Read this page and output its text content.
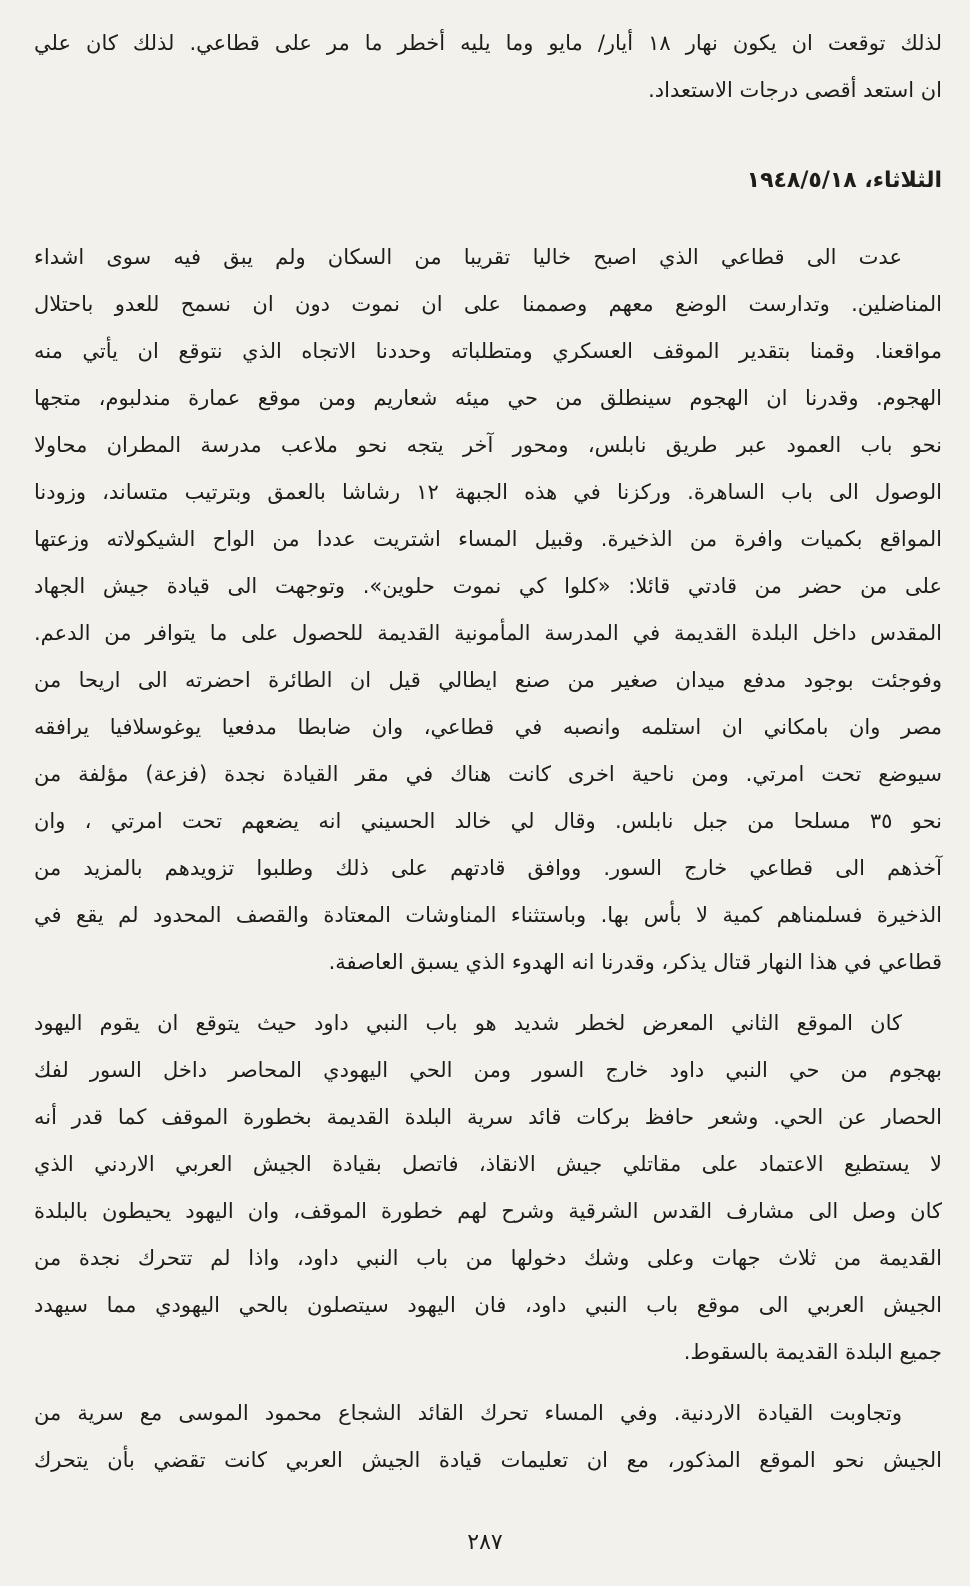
لذلك توقعت ان يكون نهار ١٨ أيار/ مايو وما يليه أخطر ما مر على قطاعي. لذلك كان علي
ان استعد أقصى درجات الاستعداد.
الثلاثاء، ١٩٤٨/٥/١٨
عدت الى قطاعي الذي اصبح خاليا تقريبا من السكان ولم يبق فيه سوى اشداء
المناضلين. وتدارست الوضع معهم وصممنا على ان نموت دون ان نسمح للعدو باحتلال
مواقعنا. وقمنا بتقدير الموقف العسكري ومتطلباته وحددنا الاتجاه الذي نتوقع ان يأتي منه
الهجوم. وقدرنا ان الهجوم سينطلق من حي ميئه شعاريم ومن موقع عمارة مندلبوم، متجها
نحو باب العمود عبر طريق نابلس، ومحور آخر يتجه نحو ملاعب مدرسة المطران محاولا
الوصول الى باب الساهرة. وركزنا في هذه الجبهة ١٢ رشاشا بالعمق وبترتيب متساند، وزودنا
المواقع بكميات وافرة من الذخيرة. وقبيل المساء اشتريت عددا من الواح الشيكولاته وزعتها
على من حضر من قادتي قائلا: «كلوا كي نموت حلوين». وتوجهت الى قيادة جيش الجهاد
المقدس داخل البلدة القديمة في المدرسة المأمونية القديمة للحصول على ما يتوافر من الدعم.
وفوجئت بوجود مدفع ميدان صغير من صنع ايطالي قيل ان الطائرة احضرته الى اريحا من
مصر وان بامكاني ان استلمه وانصبه في قطاعي، وان ضابطا مدفعيا يوغوسلافيا يرافقه
سيوضع تحت امرتي. ومن ناحية اخرى كانت هناك في مقر القيادة نجدة (فزعة) مؤلفة من
نحو ٣٥ مسلحا من جبل نابلس. وقال لي خالد الحسيني انه يضعهم تحت امرتي ، وان
آخذهم الى قطاعي خارج السور. ووافق قادتهم على ذلك وطلبوا تزويدهم بالمزيد من
الذخيرة فسلمناهم كمية لا بأس بها. وباستثناء المناوشات المعتادة والقصف المحدود لم يقع في
قطاعي في هذا النهار قتال يذكر، وقدرنا انه الهدوء الذي يسبق العاصفة.
كان الموقع الثاني المعرض لخطر شديد هو باب النبي داود حيث يتوقع ان يقوم اليهود
بهجوم من حي النبي داود خارج السور ومن الحي اليهودي المحاصر داخل السور لفك
الحصار عن الحي. وشعر حافظ بركات قائد سرية البلدة القديمة بخطورة الموقف كما قدر أنه
لا يستطيع الاعتماد على مقاتلي جيش الانقاذ، فاتصل بقيادة الجيش العربي الاردني الذي
كان وصل الى مشارف القدس الشرقية وشرح لهم خطورة الموقف، وان اليهود يحيطون بالبلدة
القديمة من ثلاث جهات وعلى وشك دخولها من باب النبي داود، واذا لم تتحرك نجدة من
الجيش العربي الى موقع باب النبي داود، فان اليهود سيتصلون بالحي اليهودي مما سيهدد
جميع البلدة القديمة بالسقوط.
وتجاوبت القيادة الاردنية. وفي المساء تحرك القائد الشجاع محمود الموسى مع سرية من
الجيش نحو الموقع المذكور، مع ان تعليمات قيادة الجيش العربي كانت تقضي بأن يتحرك
٢٨٧
